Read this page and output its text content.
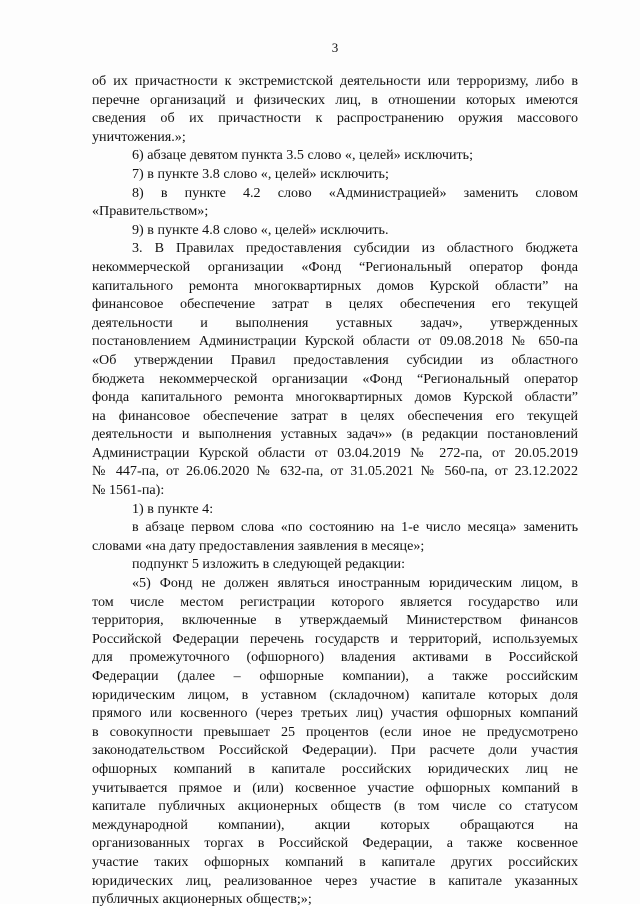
3
об их причастности к экстремистской деятельности или терроризму, либо в
перечне организаций и физических лиц, в отношении которых имеются
сведения об их причастности к распространению оружия массового
уничтожения.»;
6) абзаце девятом пункта 3.5 слово «, целей» исключить;
7) в пункте 3.8 слово «, целей» исключить;
8) в пункте 4.2 слово «Администрацией» заменить словом
«Правительством»;
9) в пункте 4.8 слово «, целей» исключить.
3. В Правилах предоставления субсидии из областного бюджета
некоммерческой организации «Фонд “Региональный оператор фонда
капитального ремонта многоквартирных домов Курской области” на
финансовое обеспечение затрат в целях обеспечения его текущей
деятельности и выполнения уставных задач», утвержденных
постановлением Администрации Курской области от 09.08.2018 № 650-па
«Об утверждении Правил предоставления субсидии из областного
бюджета некоммерческой организации «Фонд “Региональный оператор
фонда капитального ремонта многоквартирных домов Курской области”
на финансовое обеспечение затрат в целях обеспечения его текущей
деятельности и выполнения уставных задач»» (в редакции постановлений
Администрации Курской области от 03.04.2019 № 272-па, от 20.05.2019
№ 447-па, от 26.06.2020 № 632-па, от 31.05.2021 № 560-па, от 23.12.2022
№ 1561-па):
1) в пункте 4:
в абзаце первом слова «по состоянию на 1-е число месяца» заменить
словами «на дату предоставления заявления в месяце»;
подпункт 5 изложить в следующей редакции:
«5) Фонд не должен являться иностранным юридическим лицом, в
том числе местом регистрации которого является государство или
территория, включенные в утверждаемый Министерством финансов
Российской Федерации перечень государств и территорий, используемых
для промежуточного (офшорного) владения активами в Российской
Федерации (далее – офшорные компании), а также российским
юридическим лицом, в уставном (складочном) капитале которых доля
прямого или косвенного (через третьих лиц) участия офшорных компаний
в совокупности превышает 25 процентов (если иное не предусмотрено
законодательством Российской Федерации). При расчете доли участия
офшорных компаний в капитале российских юридических лиц не
учитывается прямое и (или) косвенное участие офшорных компаний в
капитале публичных акционерных обществ (в том числе со статусом
международной компании), акции которых обращаются на
организованных торгах в Российской Федерации, а также косвенное
участие таких офшорных компаний в капитале других российских
юридических лиц, реализованное через участие в капитале указанных
публичных акционерных обществ;»;
